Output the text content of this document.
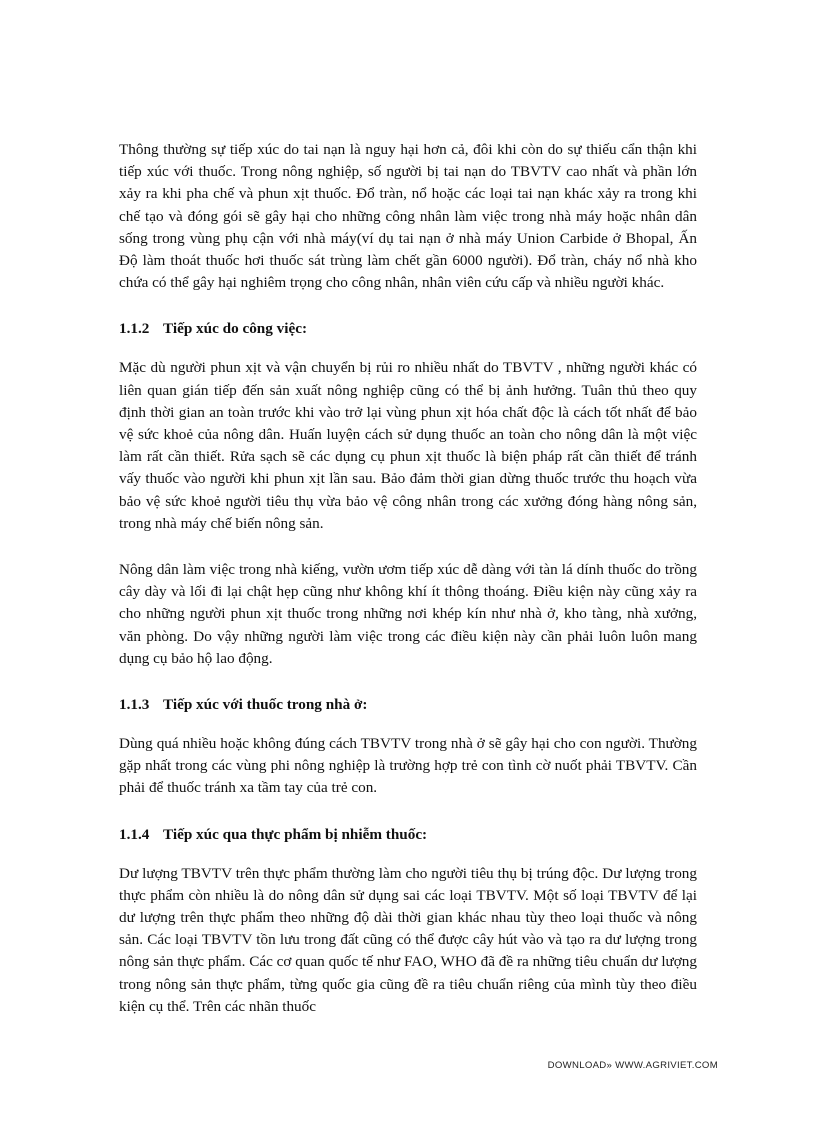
Thông thường sự tiếp xúc do tai nạn là nguy hại hơn cả, đôi khi còn do sự thiếu cẩn thận khi tiếp xúc với thuốc. Trong nông nghiệp, số người bị tai nạn do TBVTV cao nhất và phần lớn xảy ra khi pha chế và phun xịt thuốc. Đổ tràn, nổ hoặc các loại tai nạn khác xảy ra trong khi chế tạo và đóng gói sẽ gây hại cho những công nhân làm việc trong nhà máy hoặc nhân dân sống trong vùng phụ cận với nhà máy(ví dụ tai nạn ở nhà máy Union Carbide ở Bhopal, Ấn Độ làm thoát thuốc hơi thuốc sát trùng làm chết gần 6000 người). Đổ tràn, cháy nổ nhà kho chứa có thể gây hại nghiêm trọng cho công nhân, nhân viên cứu cấp và nhiều người khác.

1.1.2 Tiếp xúc do công việc:

Mặc dù người phun xịt và vận chuyển bị rủi ro nhiều nhất do TBVTV , những người khác có liên quan gián tiếp đến sản xuất nông nghiệp cũng có thể bị ảnh hưởng. Tuân thủ theo quy định thời gian an toàn trước khi vào trở lại vùng phun xịt hóa chất độc là cách tốt nhất để bảo vệ sức khoẻ của nông dân. Huấn luyện cách sử dụng thuốc an toàn cho nông dân là một việc làm rất cần thiết. Rửa sạch sẽ các dụng cụ phun xịt thuốc là biện pháp rất cần thiết để tránh vấy thuốc vào người khi phun xịt lần sau. Bảo đảm thời gian dừng thuốc trước thu hoạch vừa bảo vệ sức khoẻ người tiêu thụ vừa bảo vệ công nhân trong các xưởng đóng hàng nông sản, trong nhà máy chế biến nông sản.

Nông dân làm việc trong nhà kiếng, vườn ươm tiếp xúc dễ dàng với tàn lá dính thuốc do trồng cây dày và lối đi lại chật hẹp cũng như không khí ít thông thoáng. Điều kiện này cũng xảy ra cho những người phun xịt thuốc trong những nơi khép kín như nhà ở, kho tàng, nhà xưởng, văn phòng. Do vậy những người làm việc trong các điều kiện này cần phải luôn luôn mang dụng cụ bảo hộ lao động.

1.1.3 Tiếp xúc với thuốc trong nhà ở:

Dùng quá nhiều hoặc không đúng cách TBVTV trong nhà ở sẽ gây hại cho con người. Thường gặp nhất trong các vùng phi nông nghiệp là trường hợp trẻ con tình cờ nuốt phải TBVTV. Cần phải để thuốc tránh xa tầm tay của trẻ con.

1.1.4 Tiếp xúc qua thực phẩm bị nhiễm thuốc:

Dư lượng TBVTV trên thực phẩm thường làm cho người tiêu thụ bị trúng độc. Dư lượng trong thực phẩm còn nhiều là do nông dân sử dụng sai các loại TBVTV. Một số loại TBVTV để lại dư lượng trên thực phẩm theo những độ dài thời gian khác nhau tùy theo loại thuốc và nông sản. Các loại TBVTV tồn lưu trong đất cũng có thể được cây hút vào và tạo ra dư lượng trong nông sản thực phẩm. Các cơ quan quốc tế như FAO, WHO đã đề ra những tiêu chuẩn dư lượng trong nông sản thực phẩm, từng quốc gia cũng đề ra tiêu chuẩn riêng của mình tùy theo điều kiện cụ thể. Trên các nhãn thuốc

DOWNLOAD» WWW.AGRIVIET.COM
